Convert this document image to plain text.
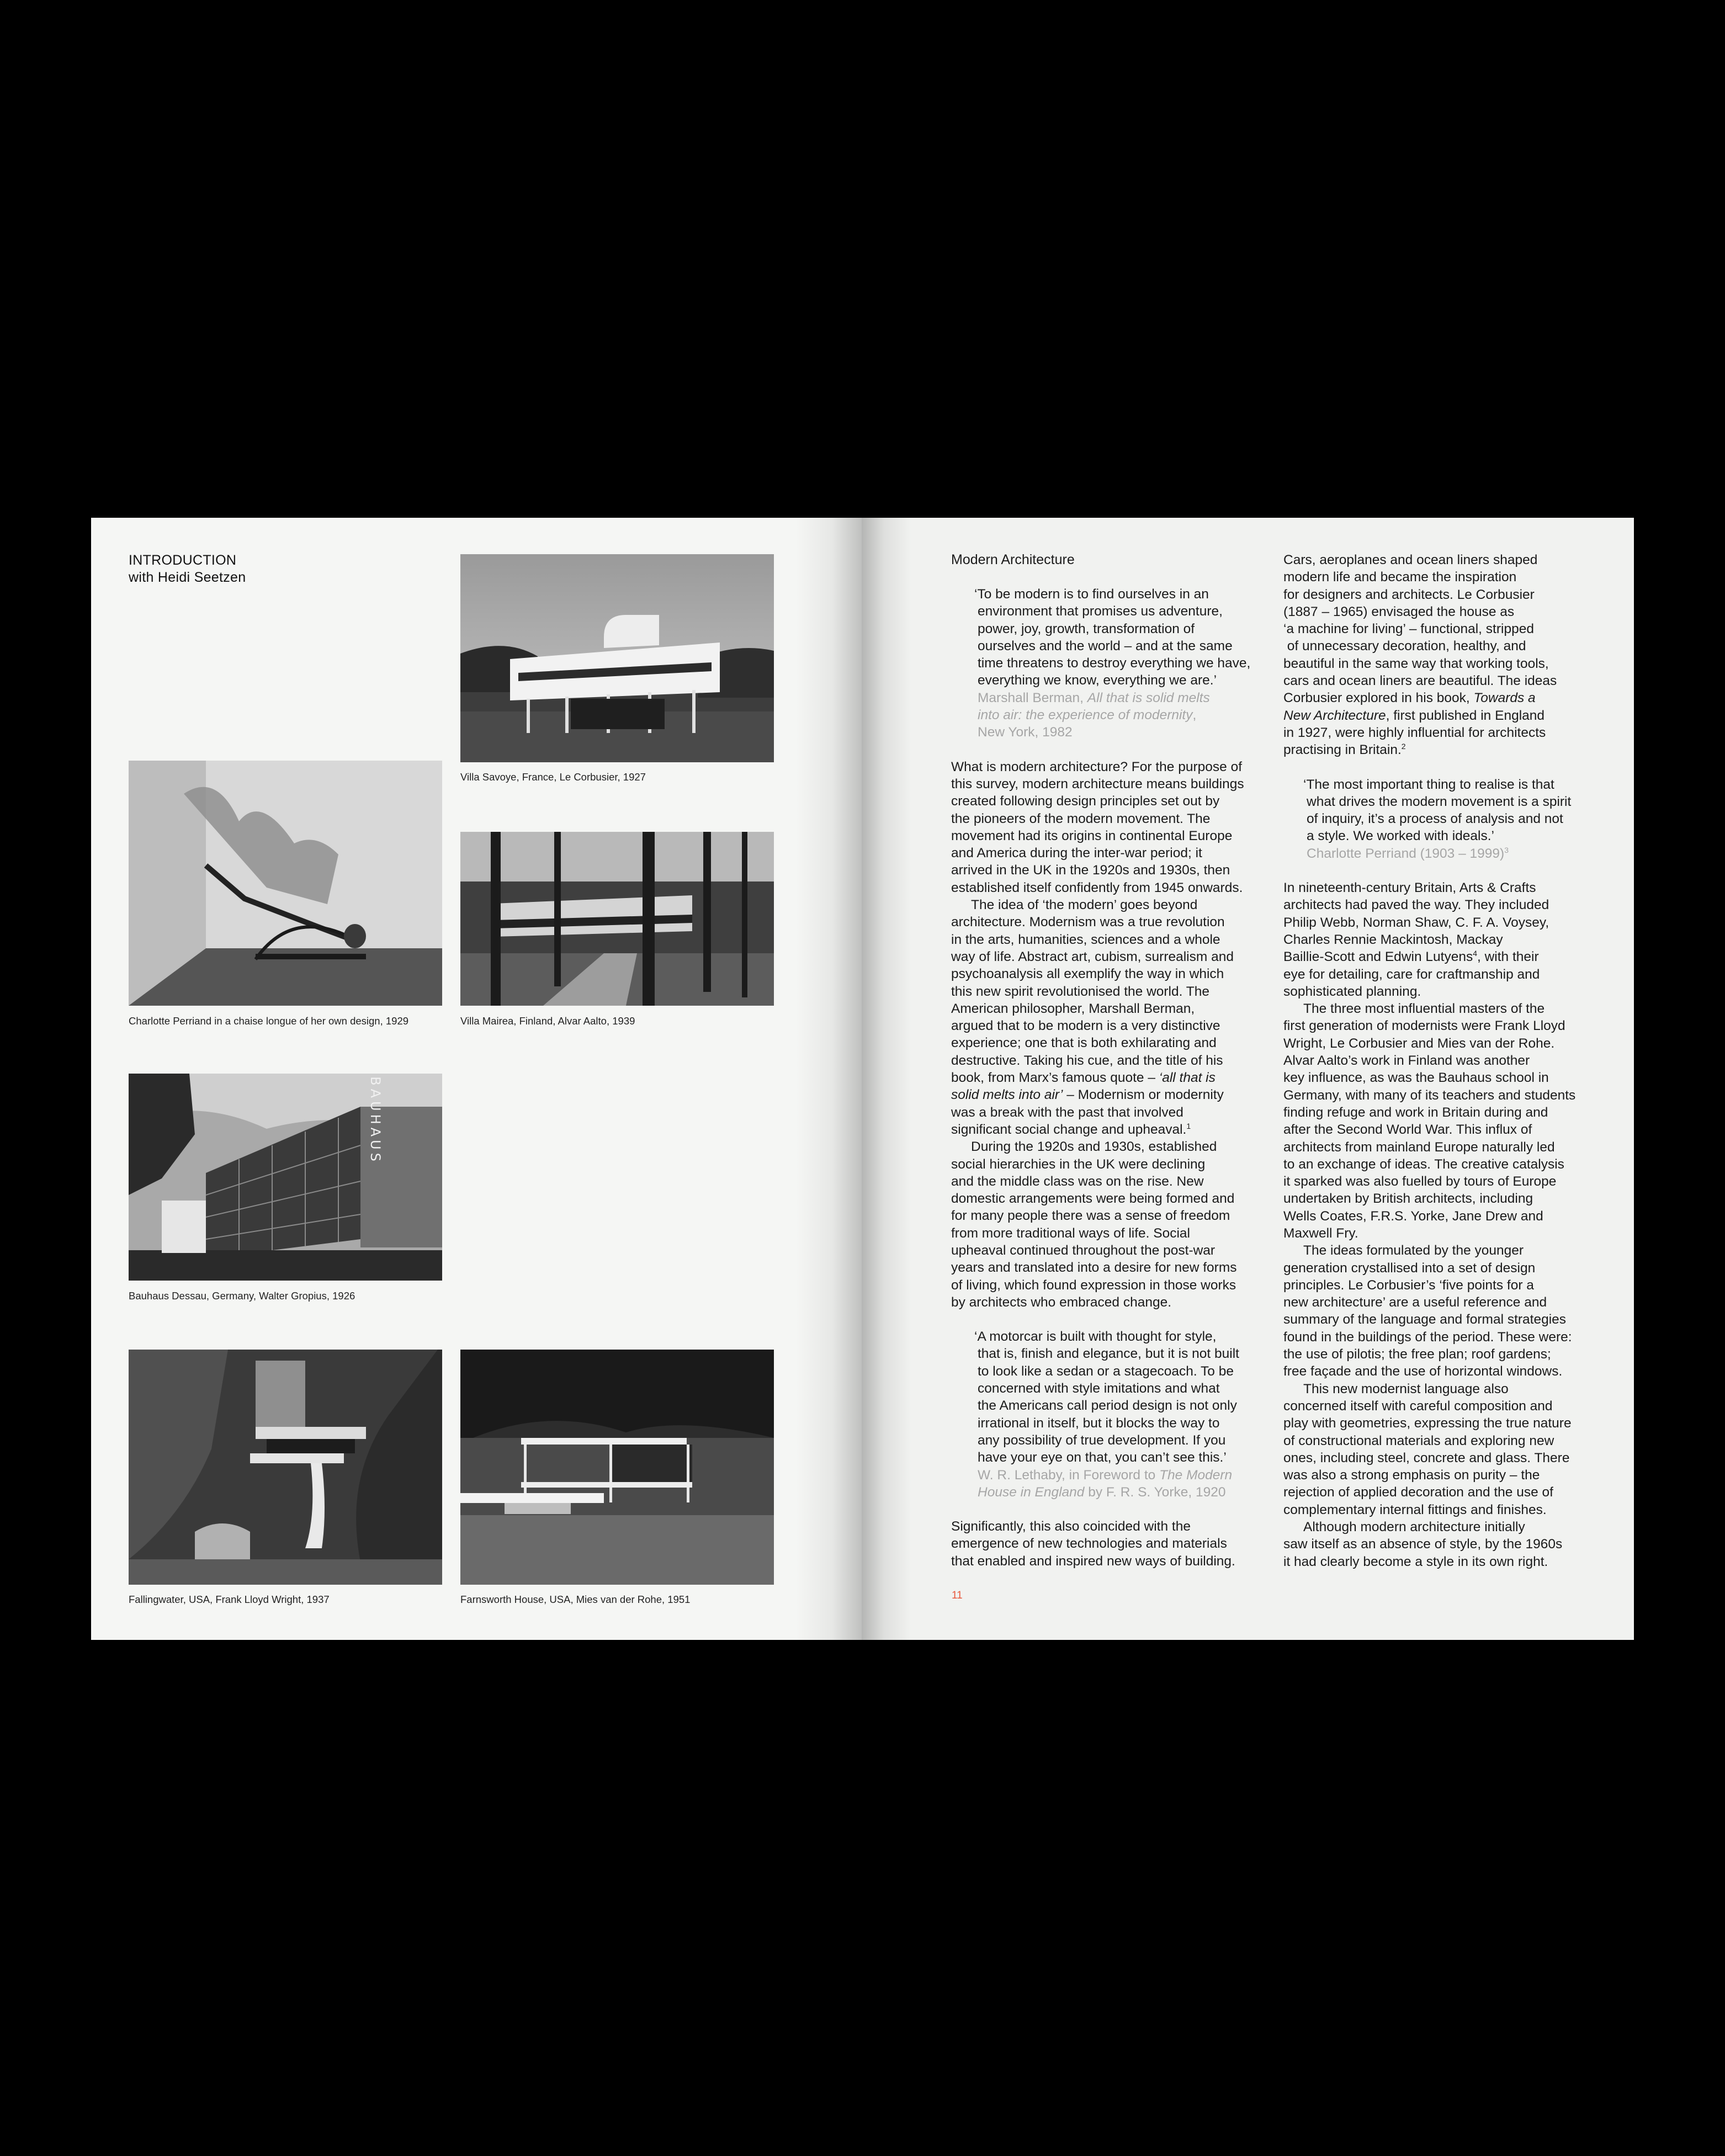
INTRODUCTION
with Heidi Seetzen
Villa Savoye, France, Le Corbusier, 1927
Charlotte Perriand in a chaise longue of her own design, 1929	Villa Mairea, Finland, Alvar Aalto, 1939
BAUHAUS
Bauhaus Dessau, Germany, Walter Gropius, 1926
Fallingwater, USA, Frank Lloyd Wright, 1937	Farnsworth House, USA, Mies van der Rohe, 1951

Modern Architecture

‘To be modern is to find ourselves in an
environment that promises us adventure,
power, joy, growth, transformation of
ourselves and the world – and at the same
time threatens to destroy everything we have,
everything we know, everything we are.’
Marshall Berman, All that is solid melts
into air: the experience of modernity,
New York, 1982
What is modern architecture? For the purpose of
this survey, modern architecture means buildings
created following design principles set out by
the pioneers of the modern movement. The
movement had its origins in continental Europe
and America during the inter-war period; it
arrived in the UK in the 1920s and 1930s, then
established itself confidently from 1945 onwards.
The idea of ‘the modern’ goes beyond
architecture. Modernism was a true revolution
in the arts, humanities, sciences and a whole
way of life. Abstract art, cubism, surrealism and
psychoanalysis all exemplify the way in which
this new spirit revolutionised the world. The
American philosopher, Marshall Berman,
argued that to be modern is a very distinctive
experience; one that is both exhilarating and
destructive. Taking his cue, and the title of his
book, from Marx’s famous quote – ‘all that is
solid melts into air’ – Modernism or modernity
was a break with the past that involved
significant social change and upheaval.$^1$
During the 1920s and 1930s, established
social hierarchies in the UK were declining
and the middle class was on the rise. New
domestic arrangements were being formed and
for many people there was a sense of freedom
from more traditional ways of life. Social
upheaval continued throughout the post-war
years and translated into a desire for new forms
of living, which found expression in those works
by architects who embraced change.
‘A motorcar is built with thought for style,
that is, finish and elegance, but it is not built
to look like a sedan or a stagecoach. To be
concerned with style imitations and what
the Americans call period design is not only
irrational in itself, but it blocks the way to
any possibility of true development. If you
have your eye on that, you can’t see this.’
W. R. Lethaby, in Foreword to The Modern
House in England by F. R. S. Yorke, 1920
Significantly, this also coincided with the
emergence of new technologies and materials
that enabled and inspired new ways of building.
Cars, aeroplanes and ocean liners shaped
modern life and became the inspiration
for designers and architects. Le Corbusier
(1887 – 1965) envisaged the house as
‘a machine for living’ – functional, stripped
of unnecessary decoration, healthy, and
beautiful in the same way that working tools,
cars and ocean liners are beautiful. The ideas
Corbusier explored in his book, Towards a
New Architecture, first published in England
in 1927, were highly influential for architects
practising in Britain.$^2$
‘The most important thing to realise is that
what drives the modern movement is a spirit
of inquiry, it’s a process of analysis and not
a style. We worked with ideals.’
Charlotte Perriand (1903 – 1999)$^3$
In nineteenth-century Britain, Arts & Crafts
architects had paved the way. They included
Philip Webb, Norman Shaw, C. F. A. Voysey,
Charles Rennie Mackintosh, Mackay
Baillie-Scott and Edwin Lutyens$^4$, with their
eye for detailing, care for craftmanship and
sophisticated planning.
The three most influential masters of the
first generation of modernists were Frank Lloyd
Wright, Le Corbusier and Mies van der Rohe.
Alvar Aalto’s work in Finland was another
key influence, as was the Bauhaus school in
Germany, with many of its teachers and students
finding refuge and work in Britain during and
after the Second World War. This influx of
architects from mainland Europe naturally led
to an exchange of ideas. The creative catalysis
it sparked was also fuelled by tours of Europe
undertaken by British architects, including
Wells Coates, F.R.S. Yorke, Jane Drew and
Maxwell Fry.
The ideas formulated by the younger
generation crystallised into a set of design
principles. Le Corbusier’s ‘five points for a
new architecture’ are a useful reference and
summary of the language and formal strategies
found in the buildings of the period. These were:
the use of pilotis; the free plan; roof gardens;
free façade and the use of horizontal windows.
This new modernist language also
concerned itself with careful composition and
play with geometries, expressing the true nature
of constructional materials and exploring new
ones, including steel, concrete and glass. There
was also a strong emphasis on purity – the
rejection of applied decoration and the use of
complementary internal fittings and finishes.
Although modern architecture initially
saw itself as an absence of style, by the 1960s
it had clearly become a style in its own right.
11
